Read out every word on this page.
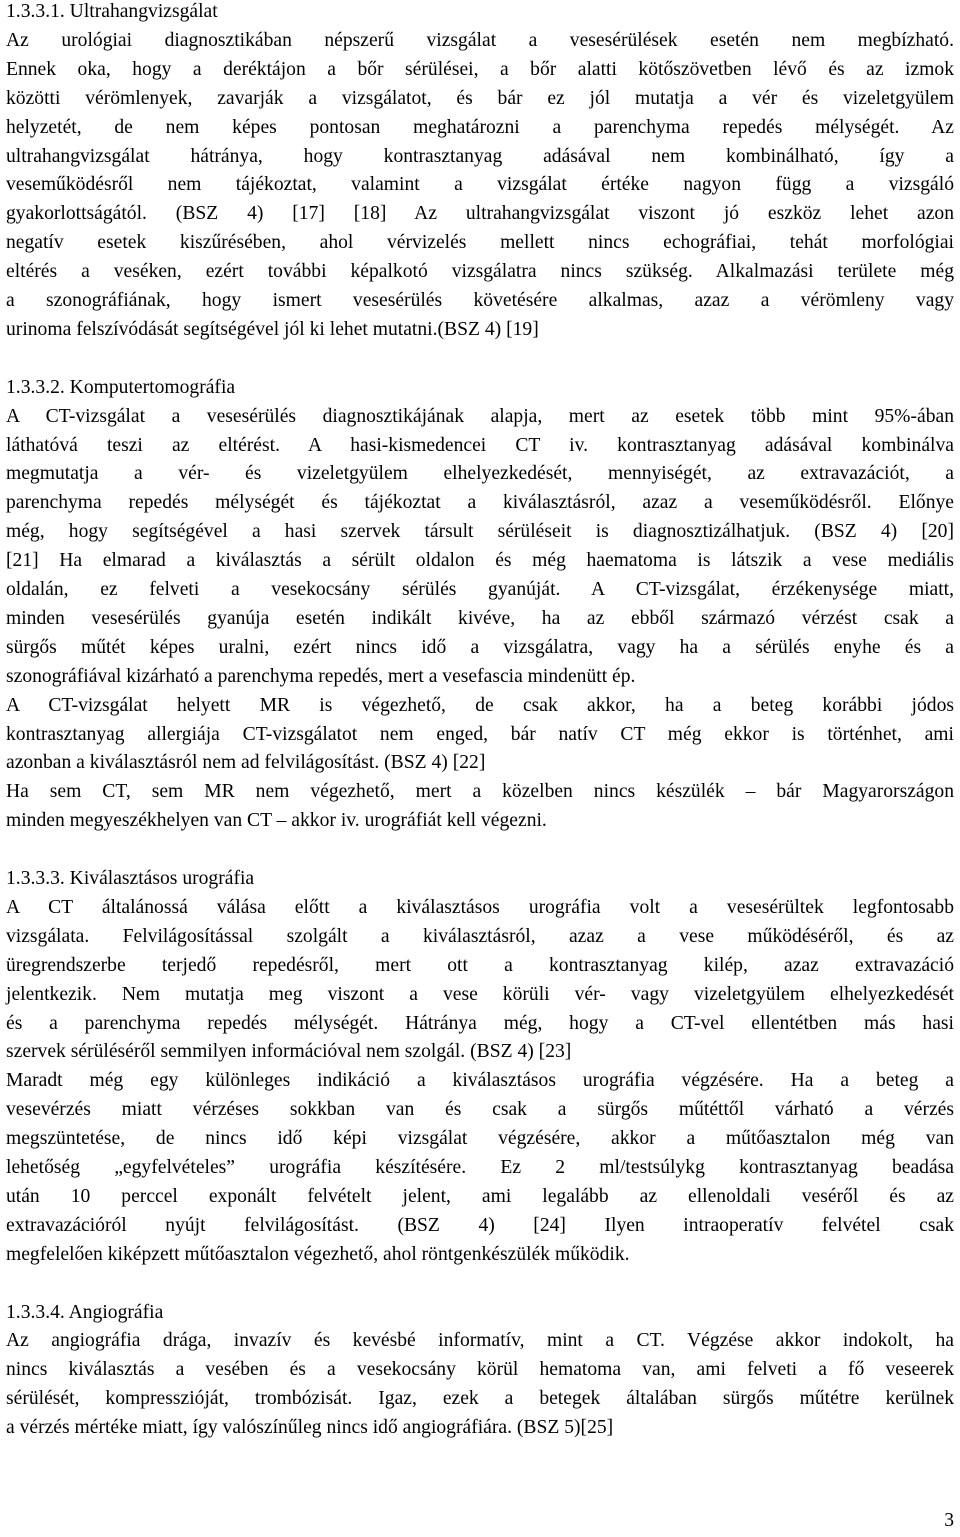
1.3.3.1. Ultrahangvizsgálat
Az urológiai diagnosztikában népszerű vizsgálat a vesesérülések esetén nem megbízható.
Ennek oka, hogy a deréktájon a bőr sérülései, a bőr alatti kötőszövetben lévő és az izmok
közötti vérömlenyek, zavarják a vizsgálatot, és bár ez jól mutatja a vér és vizeletgyülem
helyzetét, de nem képes pontosan meghatározni a parenchyma repedés mélységét. Az
ultrahangvizsgálat hátránya, hogy kontrasztanyag adásával nem kombinálható, így a
veseműködésről nem tájékoztat, valamint a vizsgálat értéke nagyon függ a vizsgáló
gyakorlottságától. (BSZ 4) [17] [18] Az ultrahangvizsgálat viszont jó eszköz lehet azon
negatív esetek kiszűrésében, ahol vérvizelés mellett nincs echográfiai, tehát morfológiai
eltérés a veséken, ezért további képalkotó vizsgálatra nincs szükség. Alkalmazási területe még
a szonográfiának, hogy ismert vesesérülés követésére alkalmas, azaz a vérömleny vagy
urinoma felszívódását segítségével jól ki lehet mutatni.(BSZ 4) [19]
1.3.3.2. Komputertomográfia
A CT-vizsgálat a vesesérülés diagnosztikájának alapja, mert az esetek több mint 95%-ában
láthatóvá teszi az eltérést. A hasi-kismedencei CT iv. kontrasztanyag adásával kombinálva
megmutatja a vér- és vizeletgyülem elhelyezkedését, mennyiségét, az extravazációt, a
parenchyma repedés mélységét és tájékoztat a kiválasztásról, azaz a veseműködésről. Előnye
még, hogy segítségével a hasi szervek társult sérüléseit is diagnosztizálhatjuk. (BSZ 4) [20]
[21] Ha elmarad a kiválasztás a sérült oldalon és még haematoma is látszik a vese mediális
oldalán, ez felveti a vesekocsány sérülés gyanúját. A CT-vizsgálat, érzékenysége miatt,
minden vesesérülés gyanúja esetén indikált kivéve, ha az ebből származó vérzést csak a
sürgős műtét képes uralni, ezért nincs idő a vizsgálatra, vagy ha a sérülés enyhe és a
szonográfiával kizárható a parenchyma repedés, mert a vesefascia mindenütt ép.
A CT-vizsgálat helyett MR is végezhető, de csak akkor, ha a beteg korábbi jódos
kontrasztanyag allergiája CT-vizsgálatot nem enged, bár natív CT még ekkor is történhet, ami
azonban a kiválasztásról nem ad felvilágosítást. (BSZ 4) [22]
Ha sem CT, sem MR nem végezhető, mert a közelben nincs készülék – bár Magyarországon
minden megyeszékhelyen van CT – akkor iv. urográfiát kell végezni.
1.3.3.3. Kiválasztásos urográfia
A CT általánossá válása előtt a kiválasztásos urográfia volt a vesesérültek legfontosabb
vizsgálata. Felvilágosítással szolgált a kiválasztásról, azaz a vese működéséről, és az
üregrendszerbe terjedő repedésről, mert ott a kontrasztanyag kilép, azaz extravazáció
jelentkezik. Nem mutatja meg viszont a vese körüli vér- vagy vizeletgyülem elhelyezkedését
és a parenchyma repedés mélységét. Hátránya még, hogy a CT-vel ellentétben más hasi
szervek sérüléséről semmilyen információval nem szolgál. (BSZ 4) [23]
Maradt még egy különleges indikáció a kiválasztásos urográfia végzésére. Ha a beteg a
vesevérzés miatt vérzéses sokkban van és csak a sürgős műtéttől várható a vérzés
megszüntetése, de nincs idő képi vizsgálat végzésére, akkor a műtőasztalon még van
lehetőség „egyfelvételes” urográfia készítésére. Ez 2 ml/testsúlykg kontrasztanyag beadása
után 10 perccel exponált felvételt jelent, ami legalább az ellenoldali veséről és az
extravazációról nyújt felvilágosítást. (BSZ 4) [24] Ilyen intraoperatív felvétel csak
megfelelően kiképzett műtőasztalon végezhető, ahol röntgenkészülék működik.
1.3.3.4. Angiográfia
Az angiográfia drága, invazív és kevésbé informatív, mint a CT. Végzése akkor indokolt, ha
nincs kiválasztás a vesében és a vesekocsány körül hematoma van, ami felveti a fő veseerek
sérülését, kompresszióját, trombózisát. Igaz, ezek a betegek általában sürgős műtétre kerülnek
a vérzés mértéke miatt, így valószínűleg nincs idő angiográfiára. (BSZ 5)[25]
3
